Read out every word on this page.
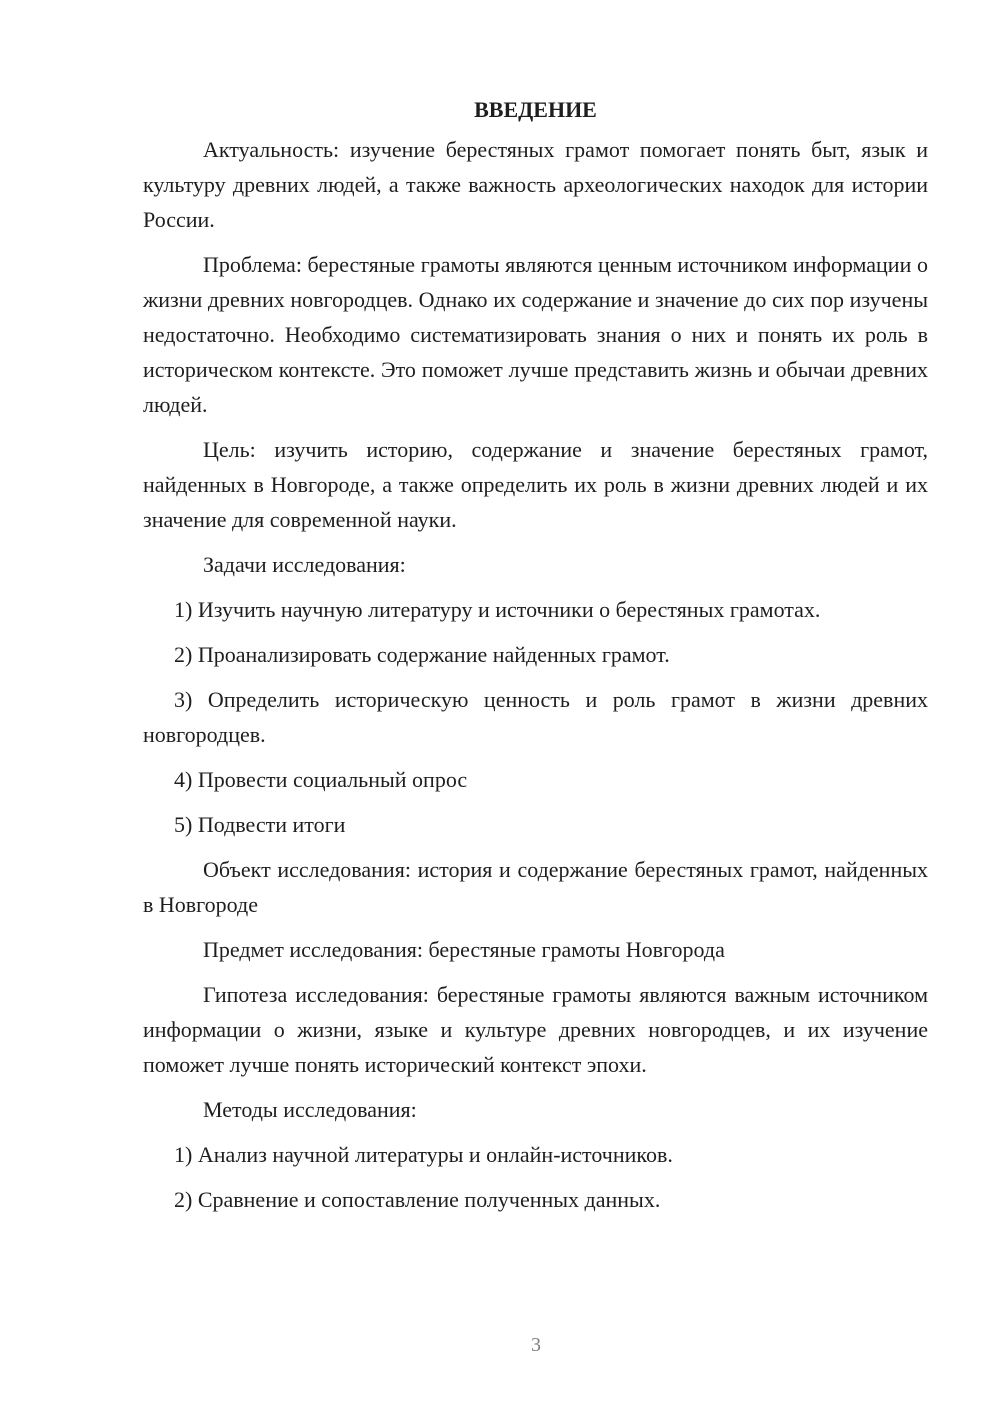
ВВЕДЕНИЕ

Актуальность: изучение берестяных грамот помогает понять быт, язык и культуру древних людей, а также важность археологических находок для истории России.

Проблема: берестяные грамоты являются ценным источником информации о жизни древних новгородцев. Однако их содержание и значение до сих пор изучены недостаточно. Необходимо систематизировать знания о них и понять их роль в историческом контексте. Это поможет лучше представить жизнь и обычаи древних людей.

Цель: изучить историю, содержание и значение берестяных грамот, найденных в Новгороде, а также определить их роль в жизни древних людей и их значение для современной науки.

Задачи исследования:

1) Изучить научную литературу и источники о берестяных грамотах.

2) Проанализировать содержание найденных грамот.

3) Определить историческую ценность и роль грамот в жизни древних новгородцев.

4) Провести социальный опрос

5) Подвести итоги

Объект исследования: история и содержание берестяных грамот, найденных в Новгороде

Предмет исследования: берестяные грамоты Новгорода

Гипотеза исследования: берестяные грамоты являются важным источником информации о жизни, языке и культуре древних новгородцев, и их изучение поможет лучше понять исторический контекст эпохи.

Методы исследования:

1) Анализ научной литературы и онлайн-источников.

2) Сравнение и сопоставление полученных данных.

3
